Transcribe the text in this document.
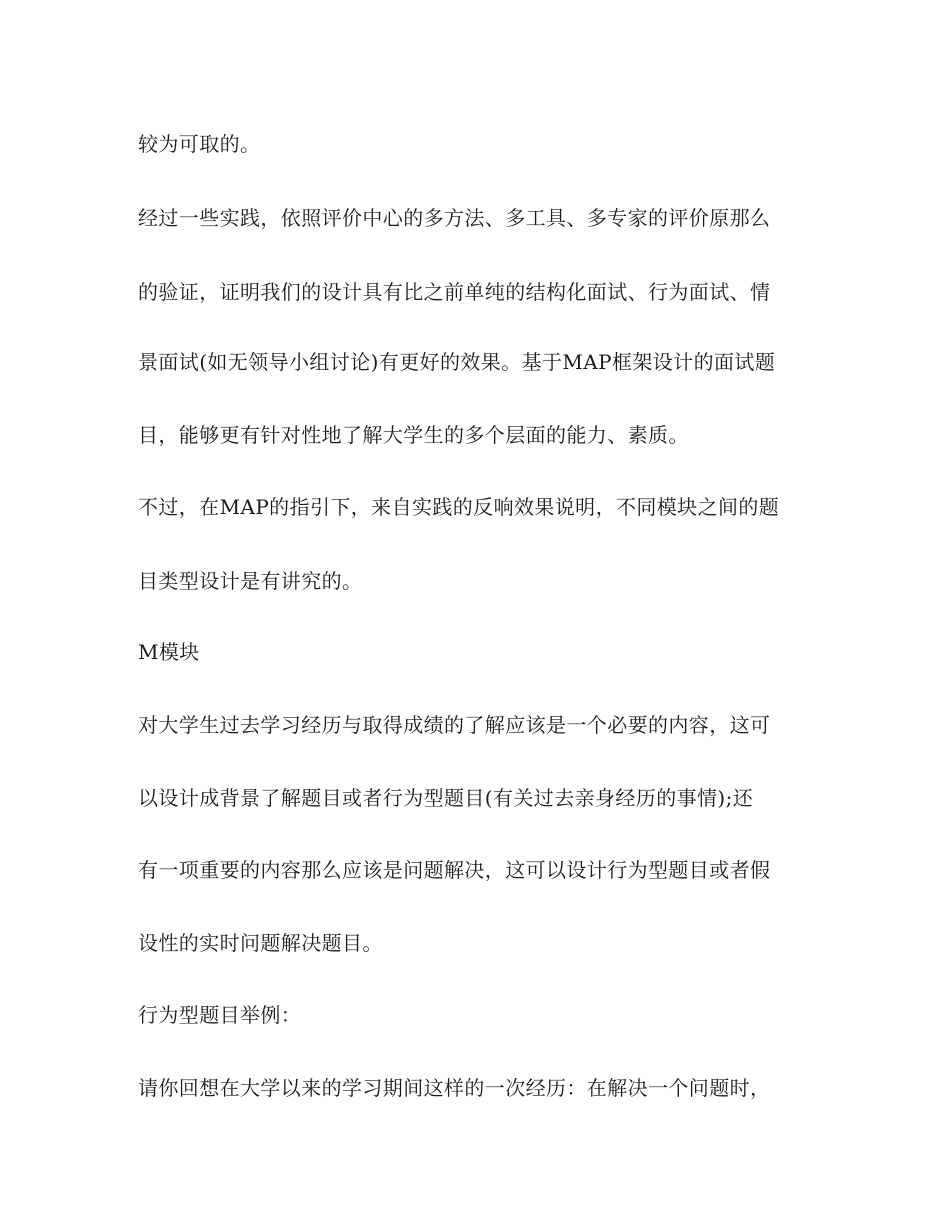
较为可取的。

经过一些实践，依照评价中心的多方法、多工具、多专家的评价原那么

的验证，证明我们的设计具有比之前单纯的结构化面试、行为面试、情

景面试(如无领导小组讨论)有更好的效果。基于MAP框架设计的面试题

目，能够更有针对性地了解大学生的多个层面的能力、素质。

不过，在MAP的指引下，来自实践的反响效果说明，不同模块之间的题

目类型设计是有讲究的。

M模块

对大学生过去学习经历与取得成绩的了解应该是一个必要的内容，这可

以设计成背景了解题目或者行为型题目(有关过去亲身经历的事情);还

有一项重要的内容那么应该是问题解决，这可以设计行为型题目或者假

设性的实时问题解决题目。

行为型题目举例：

请你回想在大学以来的学习期间这样的一次经历：在解决一个问题时，
